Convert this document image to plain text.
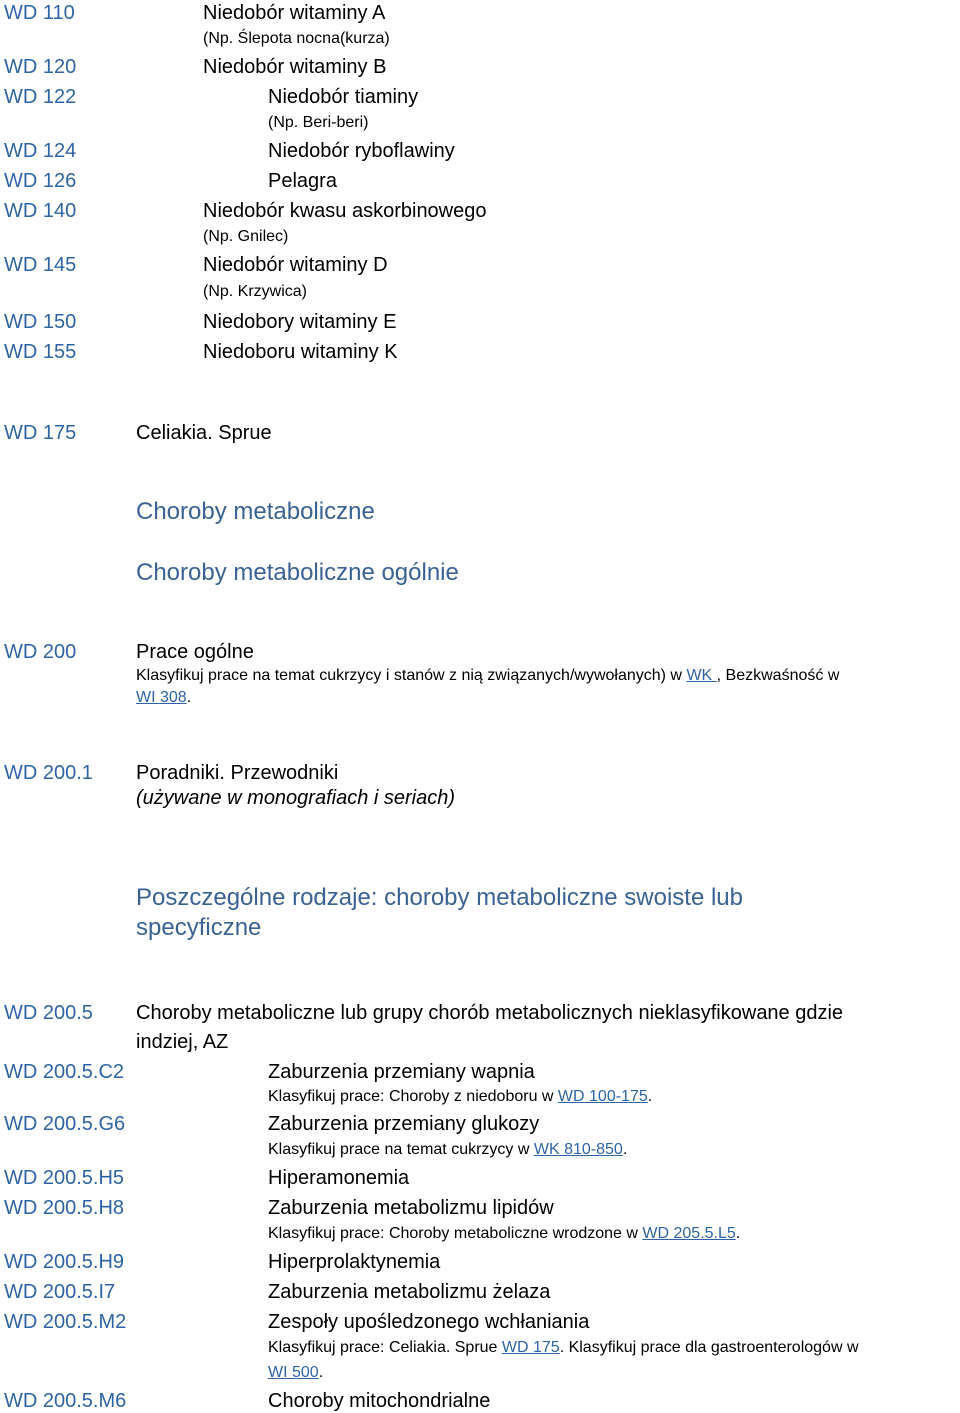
WD 110	Niedobór witaminy A
(Np. Ślepota nocna(kurza)
WD 120	Niedobór witaminy B
WD 122	Niedobór tiaminy
(Np. Beri-beri)
WD 124	Niedobór ryboflawiny
WD 126	Pelagra
WD 140	Niedobór kwasu askorbinowego
(Np. Gnilec)
WD 145	Niedobór witaminy D
(Np. Krzywica)
WD 150	Niedobory witaminy E
WD 155	Niedoboru witaminy K
WD 175	Celiakia. Sprue
Choroby metaboliczne
Choroby metaboliczne ogólnie
WD 200	Prace ogólne
Klasyfikuj prace na temat cukrzycy i stanów z nią związanych/wywołanych) w WK , Bezkwaśność w
WI 308.
WD 200.1 Poradniki. Przewodniki
(używane w monografiach i seriach)
Poszczególne rodzaje: choroby metaboliczne swoiste lub
specyficzne
WD 200.5 Choroby metaboliczne lub grupy chorób metabolicznych nieklasyfikowane gdzie
indziej, AZ
WD 200.5.C2	Zaburzenia przemiany wapnia
Klasyfikuj prace: Choroby z niedoboru w WD 100-175.
WD 200.5.G6	Zaburzenia przemiany glukozy
Klasyfikuj prace na temat cukrzycy w WK 810-850.
WD 200.5.H5	Hiperamonemia
WD 200.5.H8	Zaburzenia metabolizmu lipidów
Klasyfikuj prace: Choroby metaboliczne wrodzone w WD 205.5.L5.
WD 200.5.H9	Hiperprolaktynemia
WD 200.5.I7	Zaburzenia metabolizmu żelaza
WD 200.5.M2	Zespoły upośledzonego wchłaniania
Klasyfikuj prace: Celiakia. Sprue WD 175. Klasyfikuj prace dla gastroenterologów w
WI 500.
WD 200.5.M6	Choroby mitochondrialne
